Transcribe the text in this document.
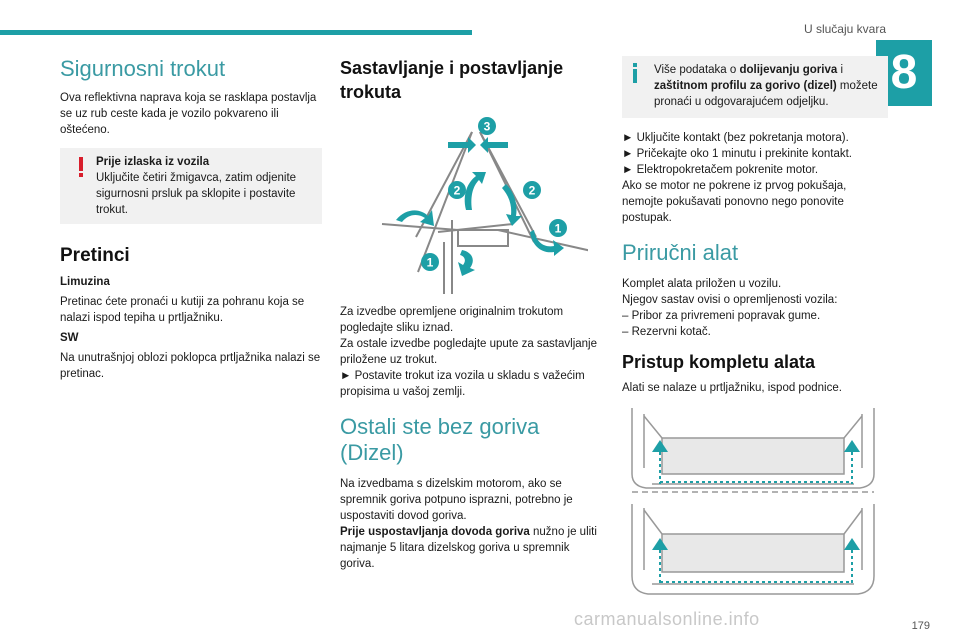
U slučaju kvara
8
Sigurnosni trokut

Ova reflektivna naprava koja se rasklapa postavlja se uz rub ceste kada je vozilo pokvareno ili oštećeno.

Prije izlaska iz vozila
Uključite četiri žmigavca, zatim odjenite sigurnosni prsluk pa sklopite i postavite trokut.
Pretinci
Limuzina

Pretinac ćete pronaći u kutiji za pohranu koja se nalazi ispod tepiha u prtljažniku.

SW

Na unutrašnjoj oblozi poklopca prtljažnika nalazi se pretinac.

Sastavljanje i postavljanje trokuta
3
2	2
1
1

Za izvedbe opremljene originalnim trokutom pogledajte sliku iznad.

Za ostale izvedbe pogledajte upute za sastavljanje priložene uz trokut.

► Postavite trokut iza vozila u skladu s važećim propisima u vašoj zemlji.

Ostali ste bez goriva (Dizel)

Na izvedbama s dizelskim motorom, ako se spremnik goriva potpuno isprazni, potrebno je uspostaviti dovod goriva.

Prije uspostavljanja dovoda goriva nužno je uliti najmanje 5 litara dizelskog goriva u spremnik goriva.

Više podataka o dolijevanju goriva i zaštitnom profilu za gorivo (dizel) možete pronaći u odgovarajućem odjeljku.

► Uključite kontakt (bez pokretanja motora).

► Pričekajte oko 1 minutu i prekinite kontakt.

► Elektropokretačem pokrenite motor.

Ako se motor ne pokrene iz prvog pokušaja, nemojte pokušavati ponovno nego ponovite postupak.

Priručni alat

Komplet alata priložen u vozilu.

Njegov sastav ovisi o opremljenosti vozila:

– Pribor za privremeni popravak gume.

– Rezervni kotač.

Pristup kompletu alata

Alati se nalaze u prtljažniku, ispod podnice.

carmanualsonline.info	179
